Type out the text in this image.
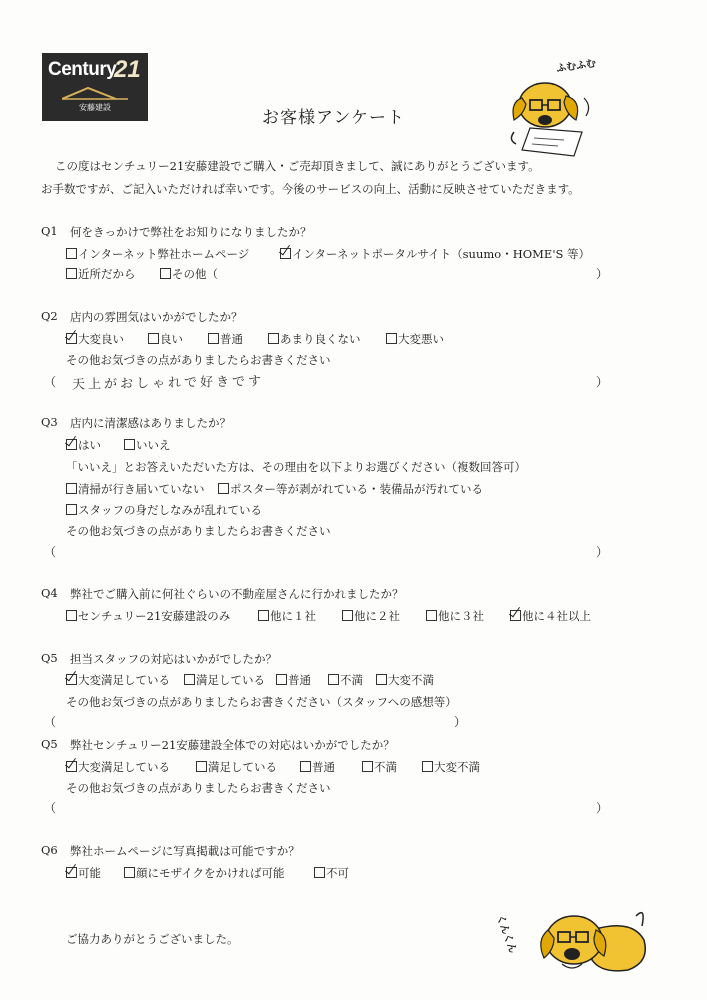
Century
21
安藤建設
お客様アンケート
ふむふむ
この度はセンチュリー21安藤建設でご購入・ご売却頂きまして、誠にありがとうございます。
お手数ですが、ご記入いただければ幸いです。今後のサービスの向上、活動に反映させていただきます。
Q1 何をきっかけで弊社をお知りになりましたか？
インターネット弊社ホームページ	インターネットポータルサイト（suumo・HOME'S 等）
近所だから	その他（	）
Q2 店内の雰囲気はいかがでしたか？
大変良い	良い	普通	あまり良くない	大変悪い
その他お気づきの点がありましたらお書きください
（ 天上がおしゃれで好きです	）
Q3 店内に清潔感はありましたか？
はい	いいえ
「いいえ」とお答えいただいた方は、その理由を以下よりお選びください（複数回答可）
清掃が行き届いていない	ポスター等が剥がれている・装備品が汚れている
スタッフの身だしなみが乱れている
その他お気づきの点がありましたらお書きください
（	）
Q4 弊社でご購入前に何社ぐらいの不動産屋さんに行かれましたか？
センチュリー21安藤建設のみ	他に１社	他に２社	他に３社	他に４社以上
Q5 担当スタッフの対応はいかがでしたか？
大変満足している	満足している	普通	不満	大変不満
その他お気づきの点がありましたらお書きください（スタッフへの感想等）
（	）
Q5 弊社センチュリー21安藤建設全体での対応はいかがでしたか？
大変満足している	満足している	普通	不満	大変不満
その他お気づきの点がありましたらお書きください
（	）
Q6 弊社ホームページに写真掲載は可能ですか？
可能	顔にモザイクをかければ可能	不可
ご協力ありがとうございました。	くんくん
